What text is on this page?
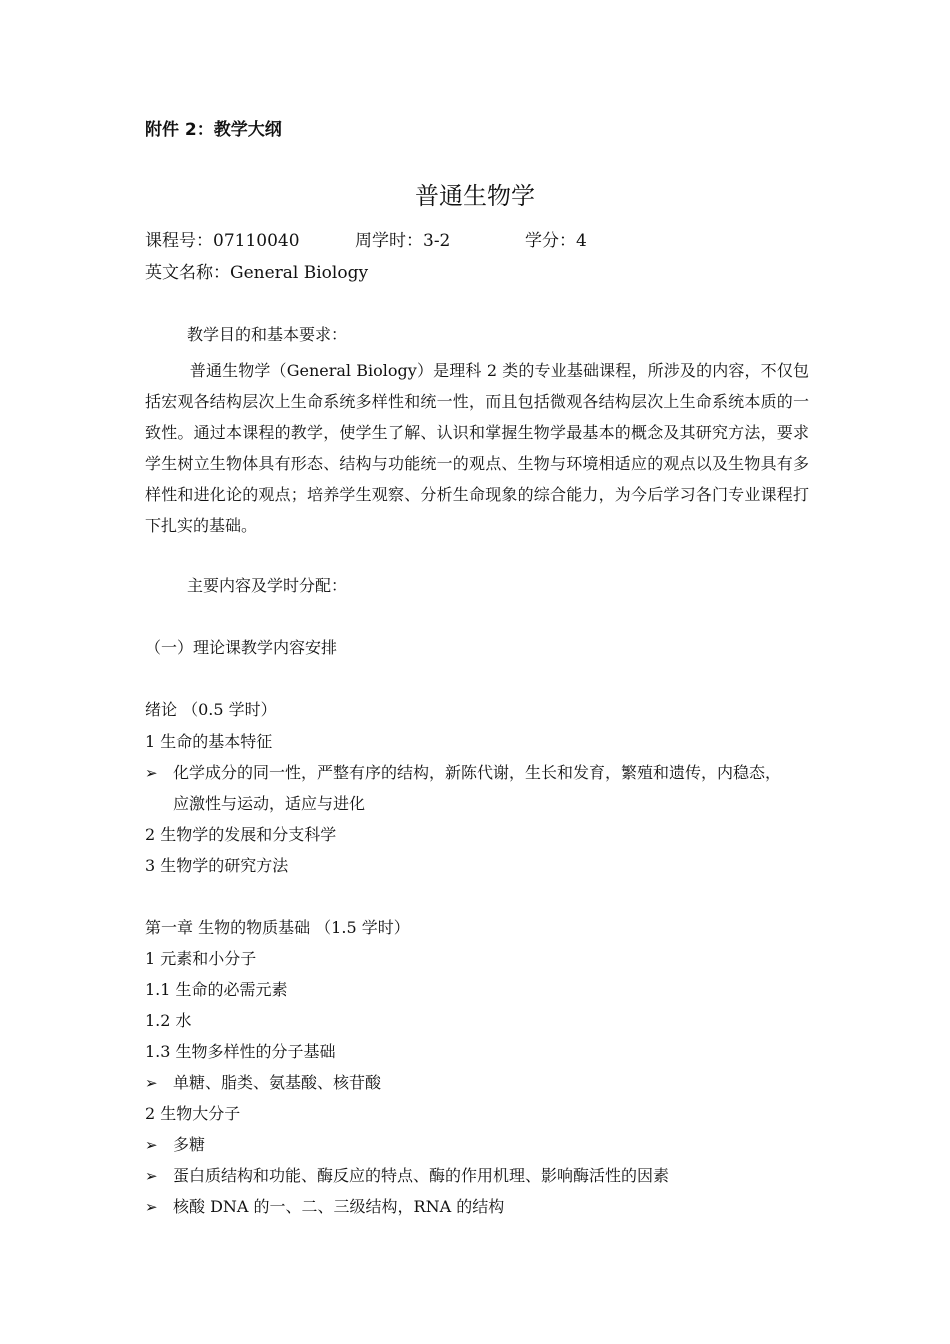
附件 2：教学大纲
普通生物学
课程号：07110040	周学时：3-2	学分：4
英文名称：General Biology
教学目的和基本要求：
普通生物学（General Biology）是理科 2 类的专业基础课程，所涉及的内容，不仅包括宏观各结构层次上生命系统多样性和统一性，而且包括微观各结构层次上生命系统本质的一致性。通过本课程的教学，使学生了解、认识和掌握生物学最基本的概念及其研究方法，要求学生树立生物体具有形态、结构与功能统一的观点、生物与环境相适应的观点以及生物具有多样性和进化论的观点；培养学生观察、分析生命现象的综合能力，为今后学习各门专业课程打下扎实的基础。
主要内容及学时分配：
（一）理论课教学内容安排
绪论 （0.5 学时）
1 生命的基本特征
➢ 化学成分的同一性，严整有序的结构，新陈代谢，生长和发育，繁殖和遗传，内稳态，
应激性与运动，适应与进化
2 生物学的发展和分支科学
3 生物学的研究方法
第一章 生物的物质基础 （1.5 学时）
1 元素和小分子
1.1 生命的必需元素
1.2 水
1.3 生物多样性的分子基础
➢ 单糖、脂类、氨基酸、核苷酸
2 生物大分子
➢ 多糖
➢ 蛋白质结构和功能、酶反应的特点、酶的作用机理、影响酶活性的因素
➢ 核酸 DNA 的一、二、三级结构，RNA 的结构
